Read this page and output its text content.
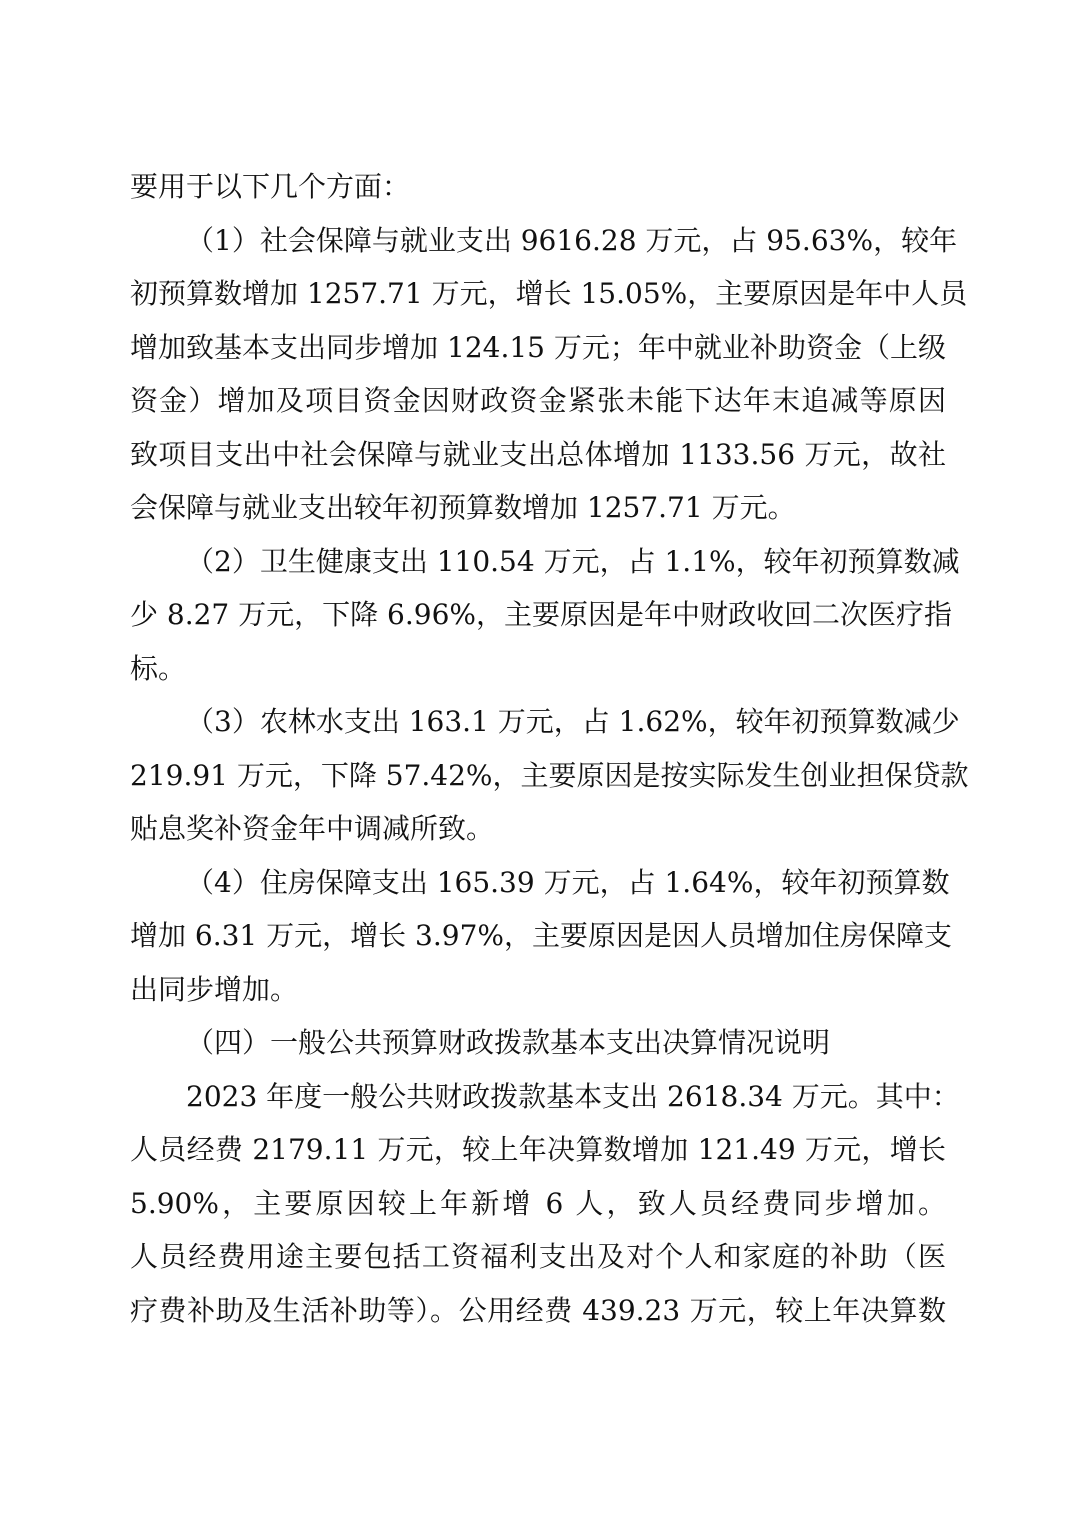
要用于以下几个方面：
（1）社会保障与就业支出 9616.28 万元，占 95.63%，较年
初预算数增加 1257.71 万元，增长 15.05%，主要原因是年中人员
增加致基本支出同步增加 124.15 万元；年中就业补助资金（上级
资金）增加及项目资金因财政资金紧张未能下达年末追减等原因
致项目支出中社会保障与就业支出总体增加 1133.56 万元，故社
会保障与就业支出较年初预算数增加 1257.71 万元。
（2）卫生健康支出 110.54 万元，占 1.1%，较年初预算数减
少 8.27 万元，下降 6.96%，主要原因是年中财政收回二次医疗指
标。
（3）农林水支出 163.1 万元，占 1.62%，较年初预算数减少
219.91 万元，下降 57.42%，主要原因是按实际发生创业担保贷款
贴息奖补资金年中调减所致。
（4）住房保障支出 165.39 万元，占 1.64%，较年初预算数
增加 6.31 万元，增长 3.97%，主要原因是因人员增加住房保障支
出同步增加。
（四）一般公共预算财政拨款基本支出决算情况说明
2023 年度一般公共财政拨款基本支出 2618.34 万元。其中：
人员经费 2179.11 万元，较上年决算数增加 121.49 万元，增长
5.90%，主要原因较上年新增 6 人，致人员经费同步增加。
人员经费用途主要包括工资福利支出及对个人和家庭的补助（医
疗费补助及生活补助等）。公用经费 439.23 万元，较上年决算数
